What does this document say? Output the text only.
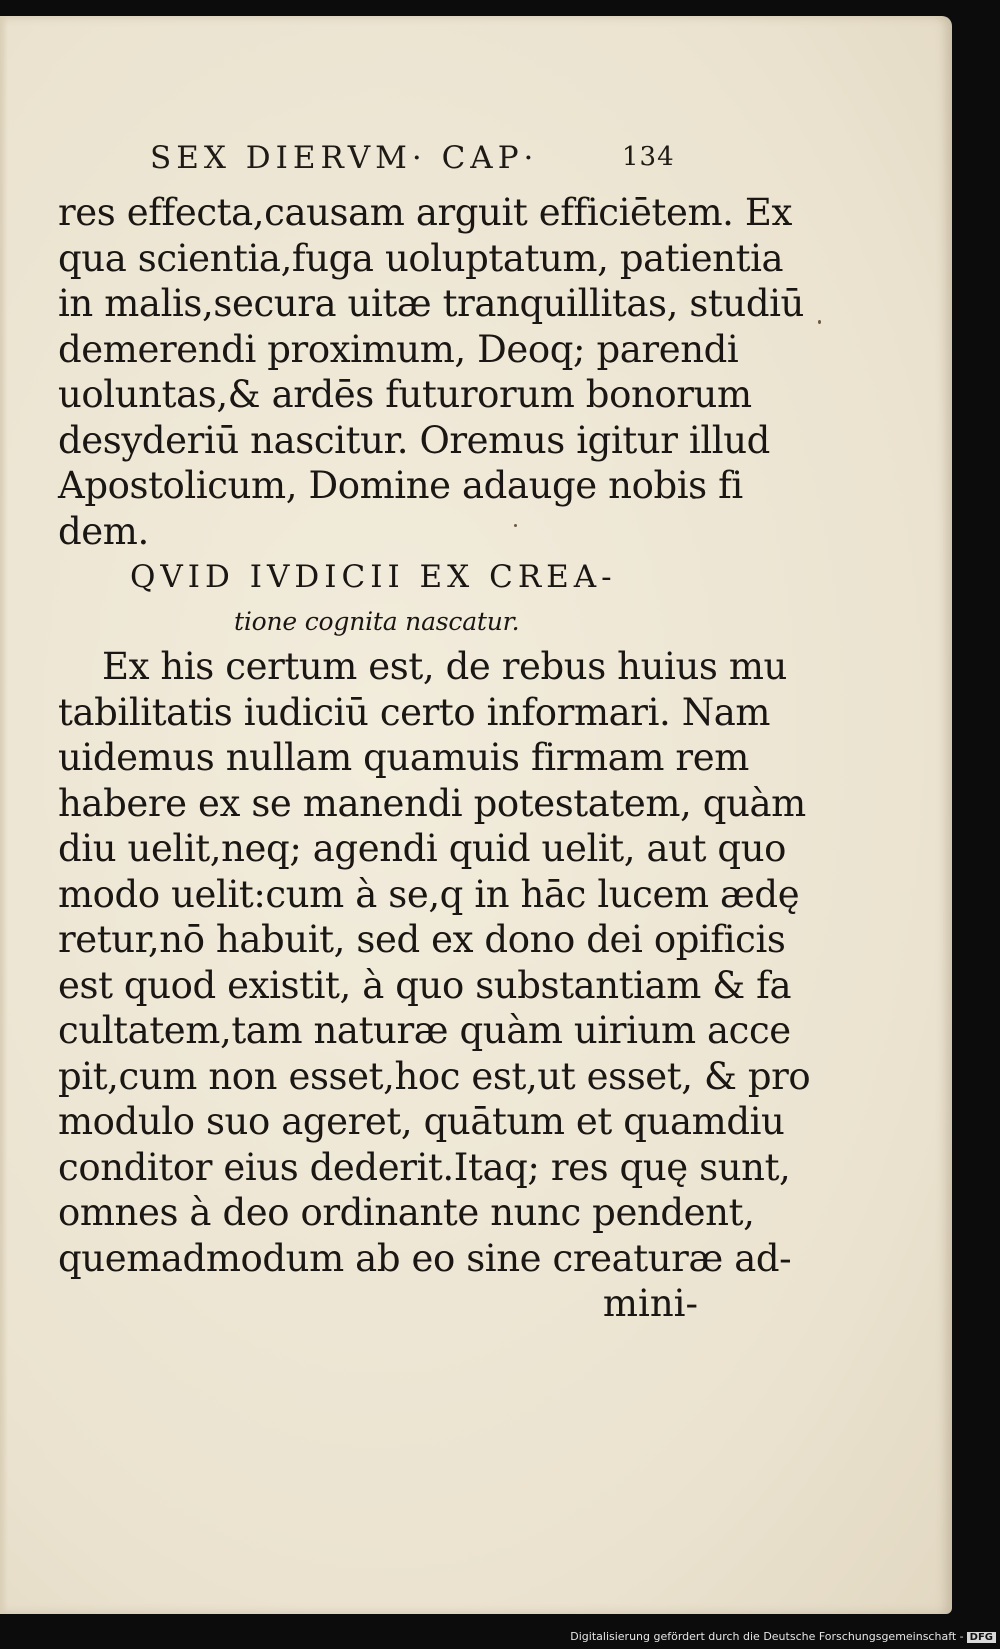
SEX DIERVM· CAP·	134
res effecta,causam arguit efficiētem. Ex
qua scientia,fuga uoluptatum, patientia
in malis,secura uitæ tranquillitas, studiū
demerendi proximum, Deoq; parendi
uoluntas,& ardēs futurorum bonorum
desyderiū nascitur. Oremus igitur illud
Apostolicum, Domine adauge nobis fi
dem.
QVID IVDICII EX CREA-
tione cognita nascatur.
Ex his certum est, de rebus huius mu
tabilitatis iudiciū certo informari. Nam
uidemus nullam quamuis firmam rem
habere ex se manendi potestatem, quàm
diu uelit,neq; agendi quid uelit, aut quo
modo uelit:cum à se,q in hāc lucem ædę
retur,nō habuit, sed ex dono dei opificis
est quod existit, à quo substantiam & fa
cultatem,tam naturæ quàm uirium acce
pit,cum non esset,hoc est,ut esset, & pro
modulo suo ageret, quātum et quamdiu
conditor eius dederit.Itaq; res quę sunt,
omnes à deo ordinante nunc pendent,
quemadmodum ab eo sine creaturæ ad-
mini-
Digitalisierung gefördert durch die Deutsche Forschungsgemeinschaft - DFG
